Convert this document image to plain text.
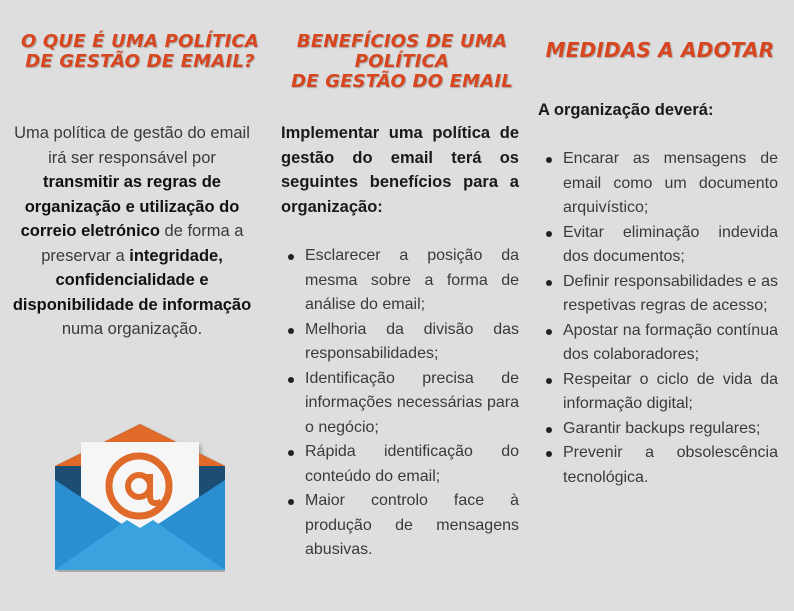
O QUE É UMA POLÍTICA
DE GESTÃO DE EMAIL?

Uma política de gestão do email irá ser responsável por transmitir as regras de organização e utilização do correio eletrónico de forma a preservar a integridade, confidencialidade e disponibilidade de informação numa organização.

BENEFÍCIOS DE UMA
POLÍTICA
DE GESTÃO DO EMAIL

Implementar uma política de gestão do email terá os seguintes benefícios para a organização:

Esclarecer a posição da mesma sobre a forma de análise do email;
Melhoria da divisão das responsabilidades;
Identificação precisa de informações necessárias para o negócio;
Rápida identificação do conteúdo do email;
Maior controlo face à produção de mensagens abusivas.
MEDIDAS A ADOTAR

A organização deverá:

Encarar as mensagens de email como um documento arquivístico;
Evitar eliminação indevida dos documentos;
Definir responsabilidades e as respetivas regras de acesso;
Apostar na formação contínua dos colaboradores;
Respeitar o ciclo de vida da informação digital;
Garantir backups regulares;
Prevenir a obsolescência tecnológica.
